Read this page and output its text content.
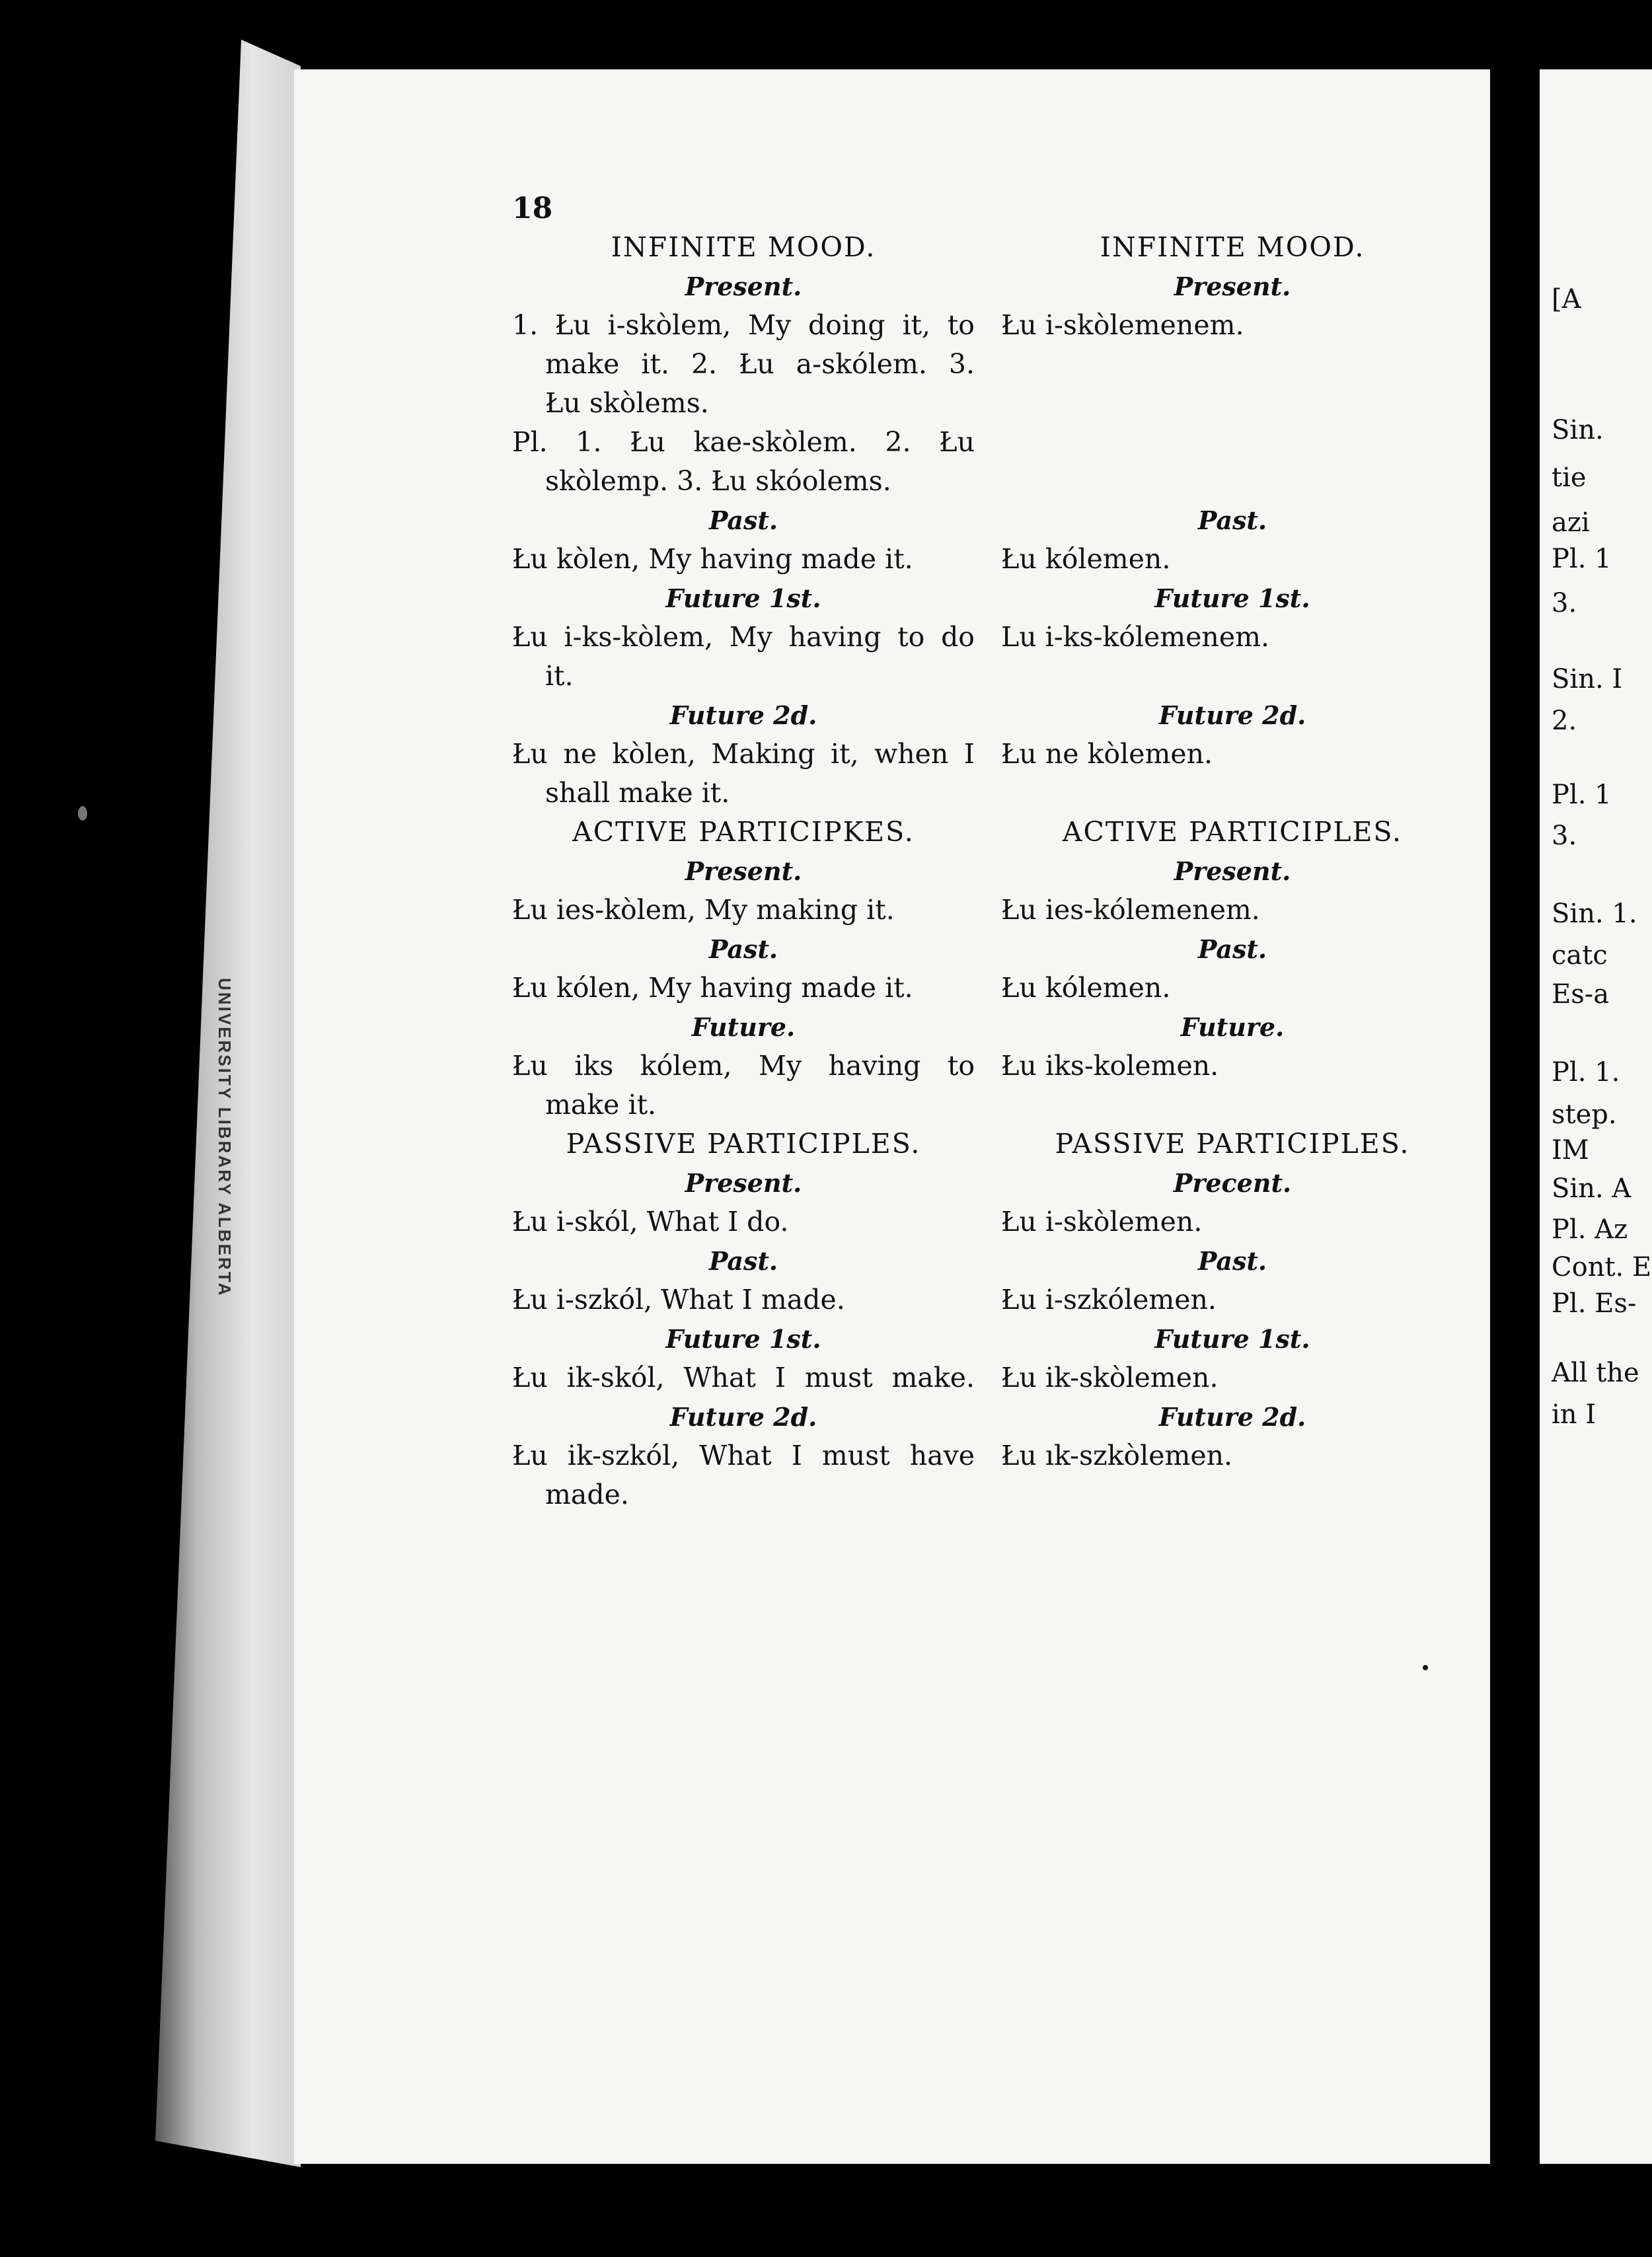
UNIVERSITY LIBRARY ALBERTA
[A
Sin.
tie
azi
Pl. 1
3.
Sin. I
2.
Pl. 1
3.
Sin. 1.
catc
Es-a
Pl. 1.
step.
IM
Sin. A
Pl. Az
Cont. E
Pl. Es-
All the
in I
18
INFINITE MOOD.
Present.
1. Łu i-skòlem, My doing it, to
make it. 2. Łu a-skólem. 3.
Łu skòlems.
Pl. 1. Łu kae-skòlem. 2. Łu
skòlemp. 3. Łu skóolems.
Past.
Łu kòlen, My having made it.
Future 1st.
Łu i-ks-kòlem, My having to do
it.
Future 2d.
Łu ne kòlen, Making it, when I
shall make it.
ACTIVE PARTICIPKES.
Present.
Łu ies-kòlem, My making it.
Past.
Łu kólen, My having made it.
Future.
Łu iks kólem, My having to
make it.
PASSIVE PARTICIPLES.
Present.
Łu i-skól, What I do.
Past.
Łu i-szkól, What I made.
Future 1st.
Łu ik-skól, What I must make.
Future 2d.
Łu ik-szkól, What I must have
made.
INFINITE MOOD.
Present.
Łu i-skòlemenem.
Past.
Łu kólemen.
Future 1st.
Lu i-ks-kólemenem.
Future 2d.
Łu ne kòlemen.
ACTIVE PARTICIPLES.
Present.
Łu ies-kólemenem.
Past.
Łu kólemen.
Future.
Łu iks-kolemen.
PASSIVE PARTICIPLES.
Precent.
Łu i-skòlemen.
Past.
Łu i-szkólemen.
Future 1st.
Łu ik-skòlemen.
Future 2d.
Łu ık-szkòlemen.
